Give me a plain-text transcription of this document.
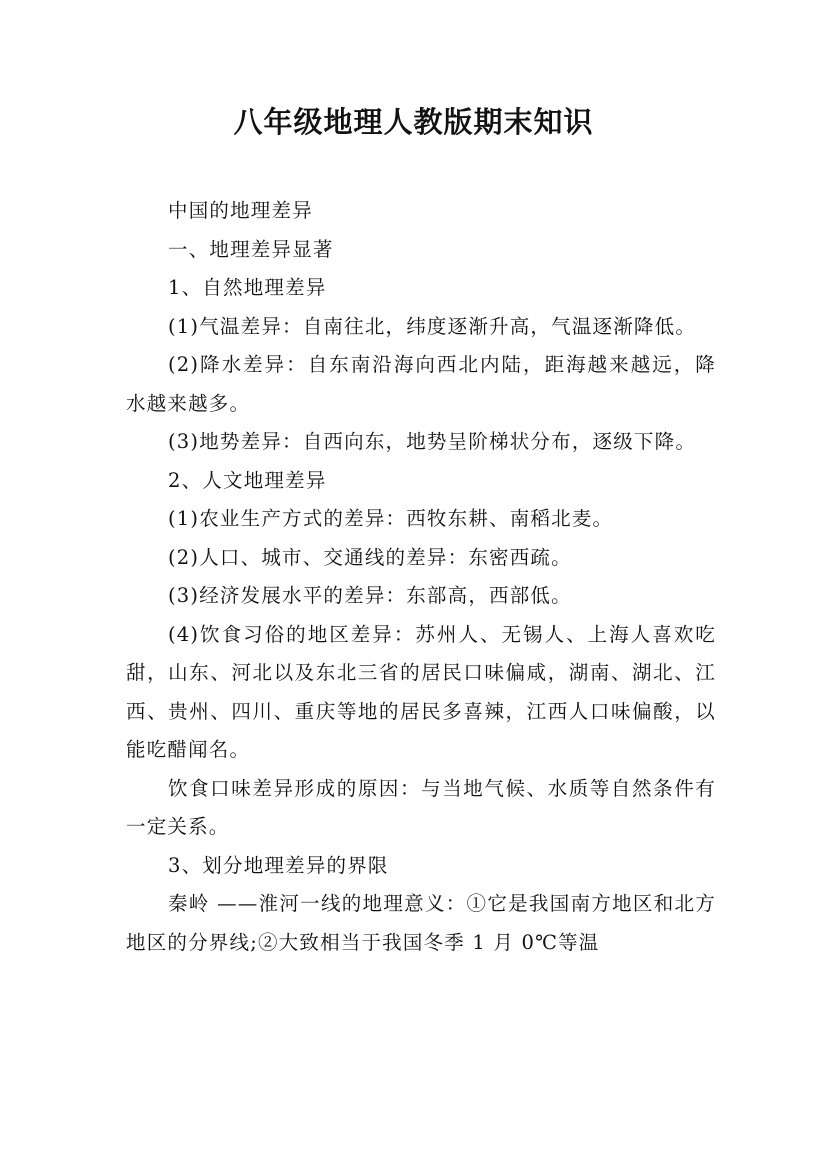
八年级地理人教版期末知识

中国的地理差异

一、地理差异显著

1、自然地理差异

(1)气温差异：自南往北，纬度逐渐升高，气温逐渐降低。

(2)降水差异：自东南沿海向西北内陆，距海越来越远，降水越来越多。

(3)地势差异：自西向东，地势呈阶梯状分布，逐级下降。

2、人文地理差异

(1)农业生产方式的差异：西牧东耕、南稻北麦。

(2)人口、城市、交通线的差异：东密西疏。

(3)经济发展水平的差异：东部高，西部低。

(4)饮食习俗的地区差异：苏州人、无锡人、上海人喜欢吃甜，山东、河北以及东北三省的居民口味偏咸，湖南、湖北、江西、贵州、四川、重庆等地的居民多喜辣，江西人口味偏酸，以能吃醋闻名。

饮食口味差异形成的原因：与当地气候、水质等自然条件有一定关系。

3、划分地理差异的界限

秦岭 ——淮河一线的地理意义：①它是我国南方地区和北方地区的分界线;②大致相当于我国冬季 1 月 0℃等温
